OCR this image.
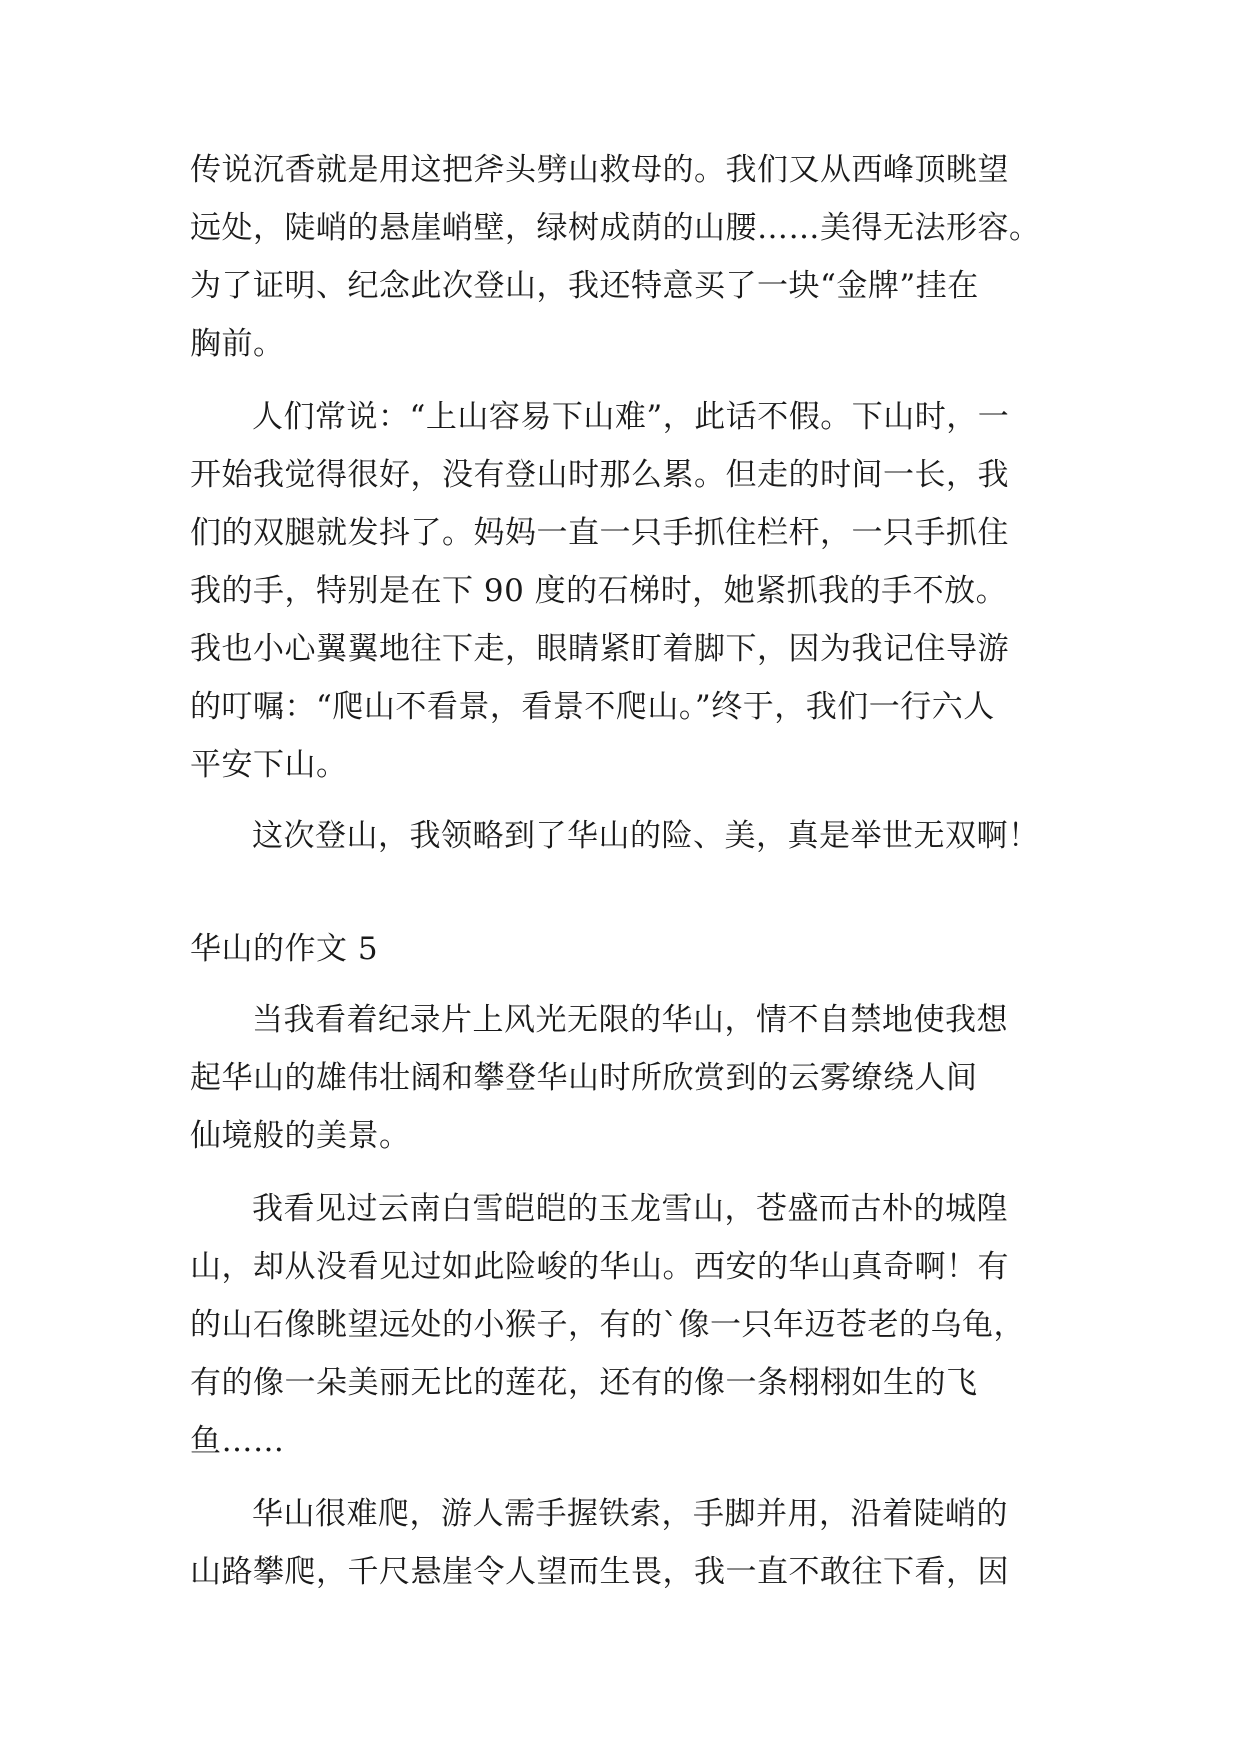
传说沉香就是用这把斧头劈山救母的。我们又从西峰顶眺望
远处，陡峭的悬崖峭壁，绿树成荫的山腰……美得无法形容。
为了证明、纪念此次登山，我还特意买了一块“金牌”挂在
胸前。
人们常说：“上山容易下山难”，此话不假。下山时，一
开始我觉得很好，没有登山时那么累。但走的时间一长，我
们的双腿就发抖了。妈妈一直一只手抓住栏杆，一只手抓住
我的手，特别是在下 90 度的石梯时，她紧抓我的手不放。
我也小心翼翼地往下走，眼睛紧盯着脚下，因为我记住导游
的叮嘱：“爬山不看景，看景不爬山。”终于，我们一行六人
平安下山。
这次登山，我领略到了华山的险、美，真是举世无双啊！
华山的作文 5
当我看着纪录片上风光无限的华山，情不自禁地使我想
起华山的雄伟壮阔和攀登华山时所欣赏到的云雾缭绕人间
仙境般的美景。
我看见过云南白雪皑皑的玉龙雪山，苍盛而古朴的城隍
山，却从没看见过如此险峻的华山。西安的华山真奇啊！有
的山石像眺望远处的小猴子，有的`像一只年迈苍老的乌龟，
有的像一朵美丽无比的莲花，还有的像一条栩栩如生的飞
鱼……
华山很难爬，游人需手握铁索，手脚并用，沿着陡峭的
山路攀爬，千尺悬崖令人望而生畏，我一直不敢往下看，因
